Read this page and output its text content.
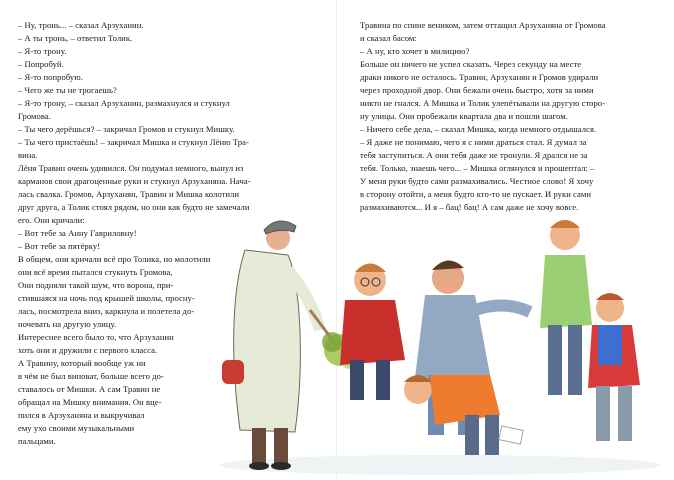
– Ну, тронь... – сказал Арзуханин.
– А ты тронь, – ответил Толик.
– Я-то трону.
– Попробуй.
– Я-то попробую.
– Чего же ты не трогаешь?
– Я-то трону, – сказал Арзуханин, размахнулся и стукнул
Громова.
– Ты чего дерёшься? – закричал Громов и стукнул Мишку.
– Ты чего пристаёшь! – закричал Мишка и стукнул Лёню Тра-
вина.
Лёня Травин очень удивился. Он подумал немного, вынул из
карманов свои драгоценные руки и стукнул Арзуханяна. Нача-
лась свалка. Громов, Арзуханян, Травин и Мишка колотили
друг друга, а Толик стоял рядом, но они как будто не замечали
его. Они кричали:
– Вот тебе за Анну Гавриловну!
– Вот тебе за пятёрку!
В общем, они кричали всё про Толика, но молотили
они всё время пытался стукнуть Громова,
Они подняли такой шум, что ворона, при-
стившаяся на ночь под крышей школы, просну-
лась, посмотрела вниз, каркнула и полетела до-
ночевать на другую улицу.
Интереснее всего было то, что Арзуханин
хоть они и дружили с первого класса.
А Травину, который вообще уж ни
в чём не был виноват, больше всего до-
ставалось от Мишки. А сам Травин не
обращал на Мишку внимания. Он вце-
пился в Арзуханяна и выкручивал
ему ухо своими музыкальными
пальцами.
Травина по спине веником, затем оттащил Арзуханяна от Громова
и сказал басом:
– А ну, кто хочет в милицию?
Больше он ничего не успел сказать. Через секунду на месте
драки никого не осталось. Травин, Арзуханян и Громов удирали
через проходной двор. Они бежали очень быстро, хотя за ними
никто не гнался. А Мишка и Толик улепётывали на другую сторо-
ну улицы. Они пробежали квартала два и пошли шагом.
– Ничего себе дела, – сказал Мишка, когда немного отдышался.
– Я даже не понимаю, чего я с ними драться стал. Я думал за
тебя заступиться. А они тебя даже не тронули. Я дрался не за
тебя. Только, знаешь чего... – Мишка оглянулся и прошептал: –
У меня руки будто сами размахивались. Честное слово! Я хочу
в сторону отойти, а меня будто кто-то не пускает. И руки сами
размахиваются... И я – бац! бац! А сам даже не хочу вовсе.
